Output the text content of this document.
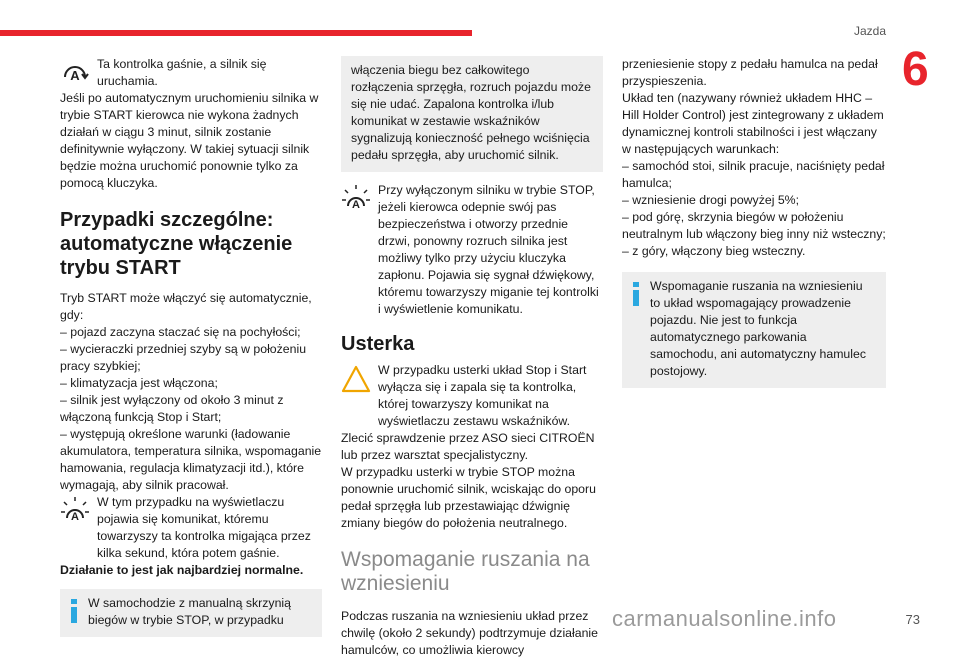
Jazda
6
A

Ta kontrolka gaśnie, a silnik się uruchamia.

Jeśli po automatycznym uruchomieniu silnika w trybie START kierowca nie wykona żadnych działań w ciągu 3 minut, silnik zostanie definitywnie wyłączony. W takiej sytuacji silnik będzie można uruchomić ponownie tylko za pomocą kluczyka.

Przypadki szczególne: automatyczne włączenie trybu START

Tryb START może włączyć się automatycznie, gdy:

– pojazd zaczyna staczać się na pochyłości;

– wycieraczki przedniej szyby są w położeniu pracy szybkiej;

– klimatyzacja jest włączona;

– silnik jest wyłączony od około 3 minut z włączoną funkcją Stop i Start;

– występują określone warunki (ładowanie akumulatora, temperatura silnika, wspomaganie hamowania, regulacja klimatyzacji itd.), które wymagają, aby silnik pracował.

A

W tym przypadku na wyświetlaczu pojawia się komunikat, któremu towarzyszy ta kontrolka migająca przez kilka sekund, która potem gaśnie.

Działanie to jest jak najbardziej normalne.

W samochodzie z manualną skrzynią biegów w trybie STOP, w przypadku

włączenia biegu bez całkowitego rozłączenia sprzęgła, rozruch pojazdu może się nie udać. Zapalona kontrolka i/lub komunikat w zestawie wskaźników sygnalizują konieczność pełnego wciśnięcia pedału sprzęgła, aby uruchomić silnik.

A

Przy wyłączonym silniku w trybie STOP, jeżeli kierowca odepnie swój pas bezpieczeństwa i otworzy przednie drzwi, ponowny rozruch silnika jest możliwy tylko przy użyciu kluczyka zapłonu. Pojawia się sygnał dźwiękowy, któremu towarzyszy miganie tej kontrolki i wyświetlenie komunikatu.

Usterka

W przypadku usterki układ Stop i Start wyłącza się i zapala się ta kontrolka, której towarzyszy komunikat na wyświetlaczu zestawu wskaźników.

Zlecić sprawdzenie przez ASO sieci CITROËN lub przez warsztat specjalistyczny.

W przypadku usterki w trybie STOP można ponownie uruchomić silnik, wciskając do oporu pedał sprzęgła lub przestawiając dźwignię zmiany biegów do położenia neutralnego.

Wspomaganie ruszania na wzniesieniu

Podczas ruszania na wzniesieniu układ przez chwilę (około 2 sekundy) podtrzymuje działanie hamulców, co umożliwia kierowcy

przeniesienie stopy z pedału hamulca na pedał przyspieszenia.

Układ ten (nazywany również układem HHC – Hill Holder Control) jest zintegrowany z układem dynamicznej kontroli stabilności i jest włączany w następujących warunkach:

– samochód stoi, silnik pracuje, naciśnięty pedał hamulca;

– wzniesienie drogi powyżej 5%;

– pod górę, skrzynia biegów w położeniu neutralnym lub włączony bieg inny niż wsteczny;

– z góry, włączony bieg wsteczny.

Wspomaganie ruszania na wzniesieniu to układ wspomagający prowadzenie pojazdu. Nie jest to funkcja automatycznego parkowania samochodu, ani automatyczny hamulec postojowy.

carmanualsonline.info	73
